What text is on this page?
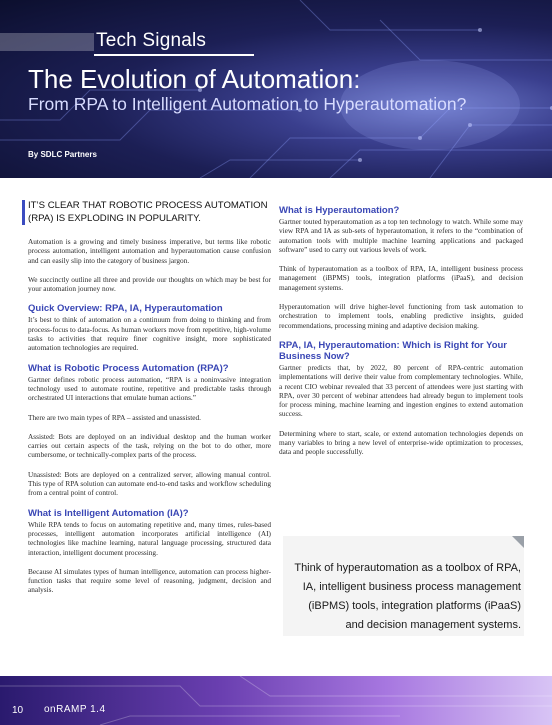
Tech Signals
The Evolution of Automation:
From RPA to Intelligent Automation to Hyperautomation?
By SDLC Partners
IT’S CLEAR THAT ROBOTIC PROCESS AUTOMATION (RPA) IS EXPLODING IN POPULARITY.

Automation is a growing and timely business imperative, but terms like robotic process automation, intelligent automation and hyperautomation cause confusion and can easily slip into the category of business jargon.

We succinctly outline all three and provide our thoughts on which may be best for your automation journey now.

Quick Overview: RPA, IA, Hyperautomation

It’s best to think of automation on a continuum from doing to thinking and from process-focus to data-focus. As human workers move from repetitive, high-volume tasks to activities that require finer cognitive insight, more sophisticated automation technologies are required.

What is Robotic Process Automation (RPA)?

Gartner defines robotic process automation, “RPA is a noninvasive integration technology used to automate routine, repetitive and predictable tasks through orchestrated UI interactions that emulate human actions.”

There are two main types of RPA – assisted and unassisted.

Assisted: Bots are deployed on an individual desktop and the human worker carries out certain aspects of the task, relying on the bot to do other, more cumbersome, or technically-complex parts of the process.

Unassisted: Bots are deployed on a centralized server, allowing manual control. This type of RPA solution can automate end-to-end tasks and workflow scheduling from a central point of control.

What is Intelligent Automation (IA)?

While RPA tends to focus on automating repetitive and, many times, rules-based processes, intelligent automation incorporates artificial intelligence (AI) technologies like machine learning, natural language processing, structured data interaction, intelligent document processing.

Because AI simulates types of human intelligence, automation can process higher-function tasks that require some level of reasoning, judgment, decision and analysis.

What is Hyperautomation?

Gartner touted hyperautomation as a top ten technology to watch. While some may view RPA and IA as sub-sets of hyperautomation, it refers to the “combination of automation tools with multiple machine learning applications and packaged software” used to carry out various levels of work.

Think of hyperautomation as a toolbox of RPA, IA, intelligent business process management (iBPMS) tools, integration platforms (iPaaS), and decision management systems.

Hyperautomation will drive higher-level functioning from task automation to orchestration to implement tools, enabling predictive insights, guided recommendations, processing mining and adaptive decision making.

RPA, IA, Hyperautomation: Which is Right for Your Business Now?

Gartner predicts that, by 2022, 80 percent of RPA-centric automation implementations will derive their value from complementary technologies. While, a recent CIO webinar revealed that 33 percent of attendees were just starting with RPA, over 30 percent of webinar attendees had already begun to implement tools for process mining, machine learning and ingestion engines to extend automation success.

Determining where to start, scale, or extend automation technologies depends on many variables to bring a new level of enterprise-wide optimization to processes, data and people successfully.

Think of hyperautomation as a toolbox of RPA,
IA, intelligent business process management
(iBPMS) tools, integration platforms (iPaaS)
and decision management systems.
10 onRAMP 1.4
